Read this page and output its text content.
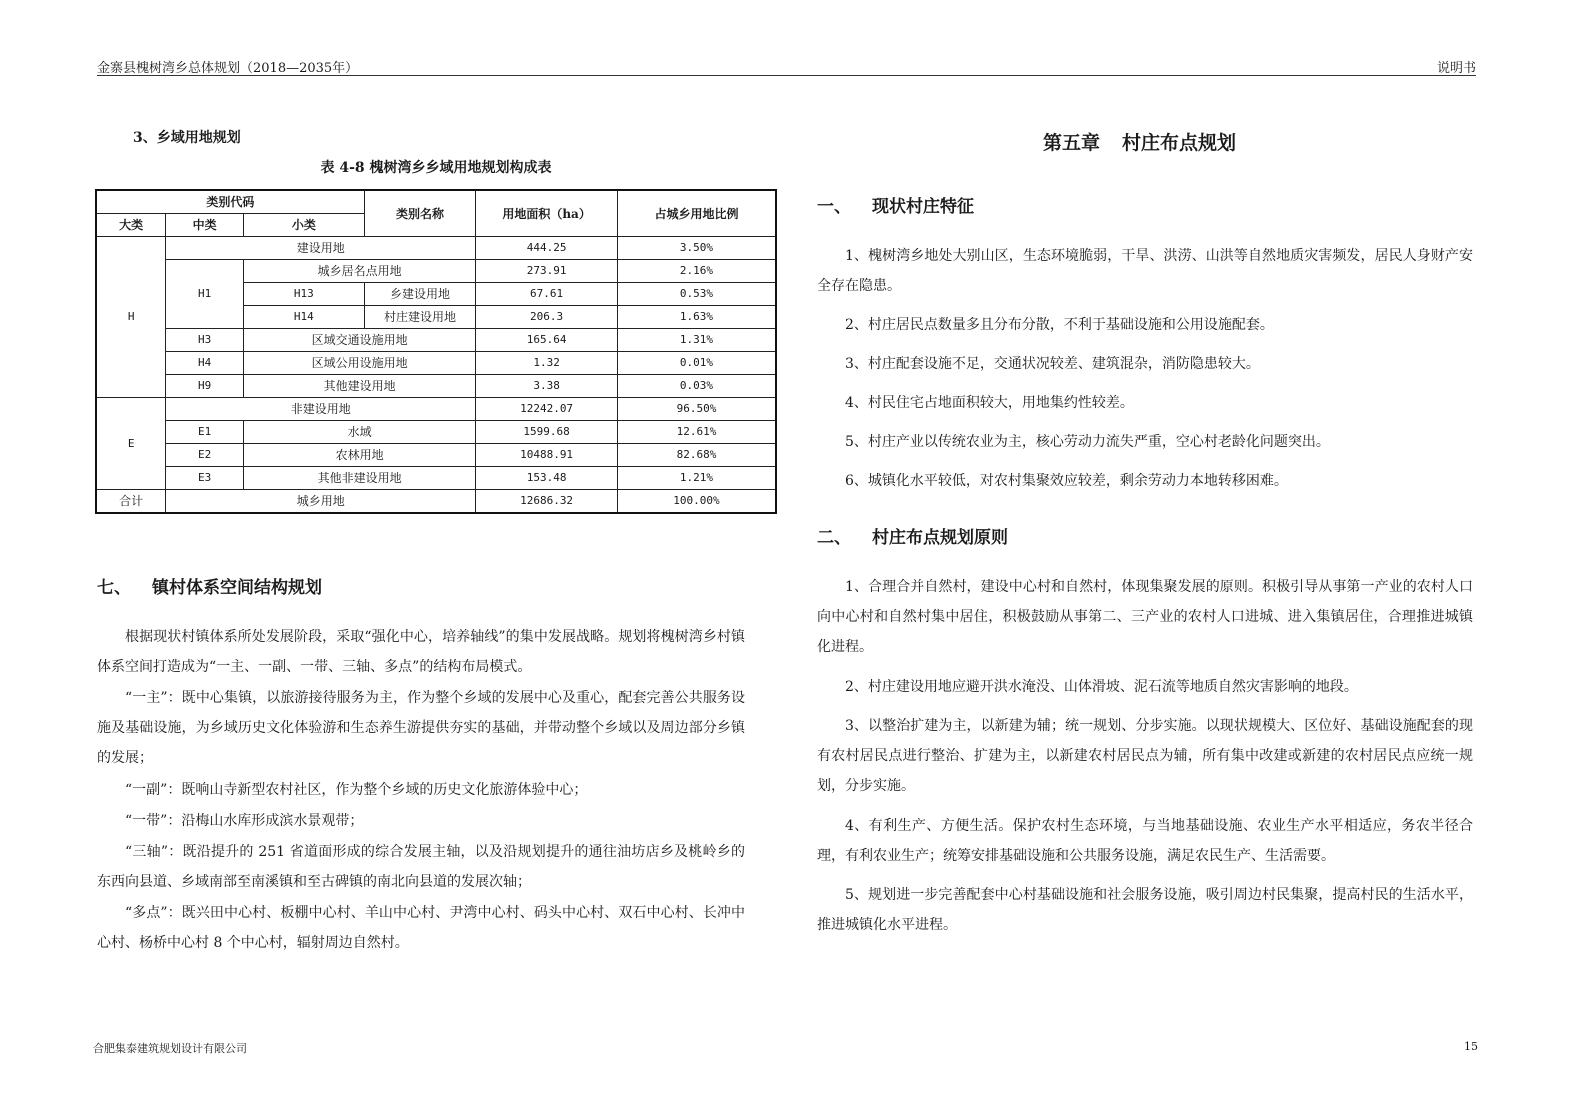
金寨县槐树湾乡总体规划（2018—2035年）	说明书
3、乡域用地规划
表 4-8 槐树湾乡乡域用地规划构成表
类别代码			类别名称	用地面积（ha）	占城乡用地比例
大类	中类	小类			
H	建设用地			444.25	3.50%
	H1	城乡居名点用地		273.91	2.16%
		H13	乡建设用地	67.61	0.53%
		H14	村庄建设用地	206.3	1.63%
	H3	区域交通设施用地		165.64	1.31%
	H4	区域公用设施用地		1.32	0.01%
	H9	其他建设用地		3.38	0.03%
E	非建设用地			12242.07	96.50%
	E1	水域		1599.68	12.61%
	E2	农林用地		10488.91	82.68%
	E3	其他非建设用地		153.48	1.21%
合计	城乡用地			12686.32	100.00%
七、 镇村体系空间结构规划
根据现状村镇体系所处发展阶段，采取“强化中心，培养轴线”的集中发展战略。规划将槐树湾乡村镇体系空间打造成为“一主、一副、一带、三轴、多点”的结构布局模式。
“一主”：既中心集镇，以旅游接待服务为主，作为整个乡域的发展中心及重心，配套完善公共服务设施及基础设施，为乡域历史文化体验游和生态养生游提供夯实的基础，并带动整个乡域以及周边部分乡镇的发展；
“一副”：既响山寺新型农村社区，作为整个乡域的历史文化旅游体验中心；
“一带”：沿梅山水库形成滨水景观带；
“三轴”：既沿提升的 251 省道面形成的综合发展主轴，以及沿规划提升的通往油坊店乡及桃岭乡的东西向县道、乡域南部至南溪镇和至古碑镇的南北向县道的发展次轴；
“多点”：既兴田中心村、板棚中心村、羊山中心村、尹湾中心村、码头中心村、双石中心村、长冲中心村、杨桥中心村 8 个中心村，辐射周边自然村。
第五章 村庄布点规划
一、 现状村庄特征
1、槐树湾乡地处大别山区，生态环境脆弱，干旱、洪涝、山洪等自然地质灾害频发，居民人身财产安全存在隐患。
2、村庄居民点数量多且分布分散，不利于基础设施和公用设施配套。
3、村庄配套设施不足，交通状况较差、建筑混杂，消防隐患较大。
4、村民住宅占地面积较大，用地集约性较差。
5、村庄产业以传统农业为主，核心劳动力流失严重，空心村老龄化问题突出。
6、城镇化水平较低，对农村集聚效应较差，剩余劳动力本地转移困难。
二、 村庄布点规划原则
1、合理合并自然村，建设中心村和自然村，体现集聚发展的原则。积极引导从事第一产业的农村人口向中心村和自然村集中居住，积极鼓励从事第二、三产业的农村人口进城、进入集镇居住，合理推进城镇化进程。
2、村庄建设用地应避开洪水淹没、山体滑坡、泥石流等地质自然灾害影响的地段。
3、以整治扩建为主，以新建为辅；统一规划、分步实施。以现状规模大、区位好、基础设施配套的现有农村居民点进行整治、扩建为主，以新建农村居民点为辅，所有集中改建或新建的农村居民点应统一规划，分步实施。
4、有利生产、方便生活。保护农村生态环境，与当地基础设施、农业生产水平相适应，务农半径合理，有利农业生产；统筹安排基础设施和公共服务设施，满足农民生产、生活需要。
5、规划进一步完善配套中心村基础设施和社会服务设施，吸引周边村民集聚，提高村民的生活水平，推进城镇化水平进程。
合肥集泰建筑规划设计有限公司	15
